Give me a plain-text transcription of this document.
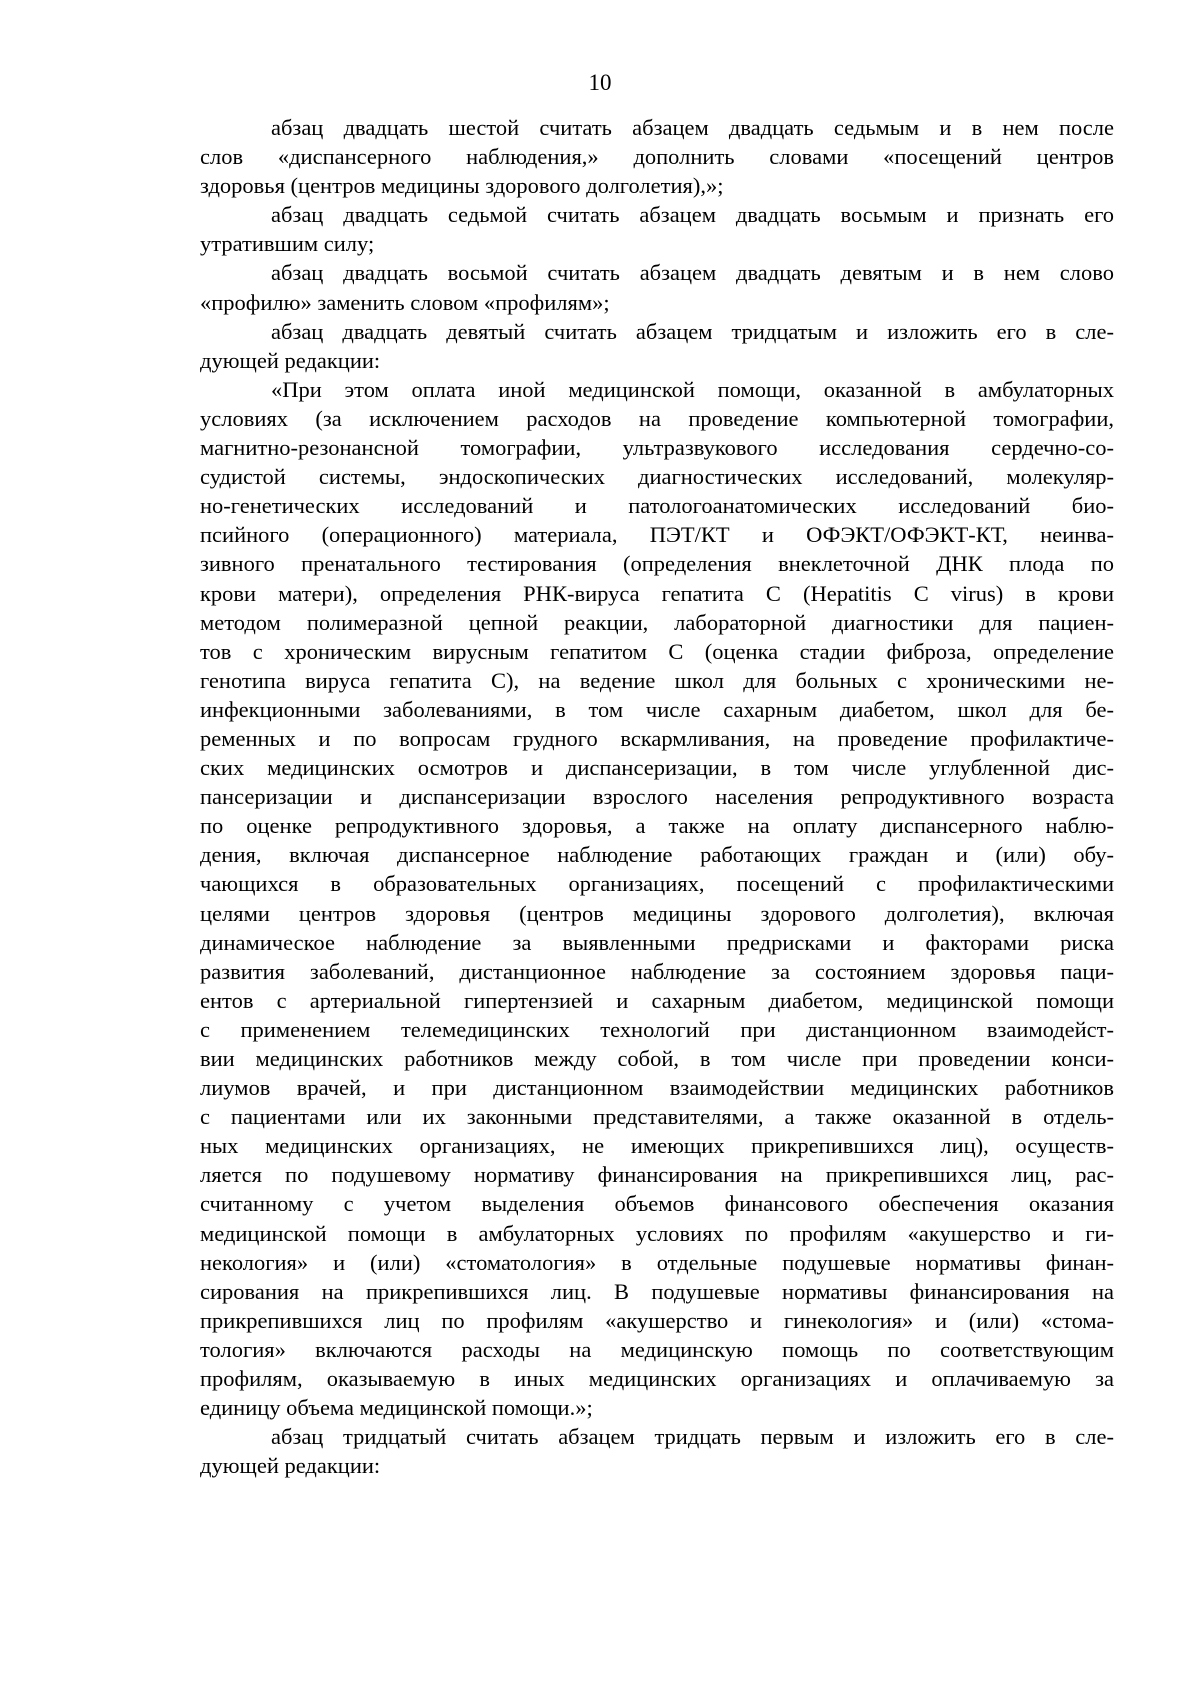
10

абзац двадцать шестой считать абзацем двадцать седьмым и в нем после
слов «диспансерного наблюдения,» дополнить словами «посещений центров
здоровья (центров медицины здорового долголетия),»;
абзац двадцать седьмой считать абзацем двадцать восьмым и признать его
утратившим силу;
абзац двадцать восьмой считать абзацем двадцать девятым и в нем слово
«профилю» заменить словом «профилям»;
абзац двадцать девятый считать абзацем тридцатым и изложить его в сле-
дующей редакции:
«При этом оплата иной медицинской помощи, оказанной в амбулаторных
условиях (за исключением расходов на проведение компьютерной томографии,
магнитно-резонансной томографии, ультразвукового исследования сердечно-со-
судистой системы, эндоскопических диагностических исследований, молекуляр-
но-генетических исследований и патологоанатомических исследований био-
псийного (операционного) материала, ПЭТ/КТ и ОФЭКТ/ОФЭКТ-КТ, неинва-
зивного пренатального тестирования (определения внеклеточной ДНК плода по
крови матери), определения РНК-вируса гепатита С (Hepatitis C virus) в крови
методом полимеразной цепной реакции, лабораторной диагностики для пациен-
тов с хроническим вирусным гепатитом С (оценка стадии фиброза, определение
генотипа вируса гепатита С), на ведение школ для больных с хроническими не-
инфекционными заболеваниями, в том числе сахарным диабетом, школ для бе-
ременных и по вопросам грудного вскармливания, на проведение профилактиче-
ских медицинских осмотров и диспансеризации, в том числе углубленной дис-
пансеризации и диспансеризации взрослого населения репродуктивного возраста
по оценке репродуктивного здоровья, а также на оплату диспансерного наблю-
дения, включая диспансерное наблюдение работающих граждан и (или) обу-
чающихся в образовательных организациях, посещений с профилактическими
целями центров здоровья (центров медицины здорового долголетия), включая
динамическое наблюдение за выявленными предрисками и факторами риска
развития заболеваний, дистанционное наблюдение за состоянием здоровья паци-
ентов с артериальной гипертензией и сахарным диабетом, медицинской помощи
с применением телемедицинских технологий при дистанционном взаимодейст-
вии медицинских работников между собой, в том числе при проведении конси-
лиумов врачей, и при дистанционном взаимодействии медицинских работников
с пациентами или их законными представителями, а также оказанной в отдель-
ных медицинских организациях, не имеющих прикрепившихся лиц), осуществ-
ляется по подушевому нормативу финансирования на прикрепившихся лиц, рас-
считанному с учетом выделения объемов финансового обеспечения оказания
медицинской помощи в амбулаторных условиях по профилям «акушерство и ги-
некология» и (или) «стоматология» в отдельные подушевые нормативы финан-
сирования на прикрепившихся лиц. В подушевые нормативы финансирования на
прикрепившихся лиц по профилям «акушерство и гинекология» и (или) «стома-
тология» включаются расходы на медицинскую помощь по соответствующим
профилям, оказываемую в иных медицинских организациях и оплачиваемую за
единицу объема медицинской помощи.»;
абзац тридцатый считать абзацем тридцать первым и изложить его в сле-
дующей редакции:
